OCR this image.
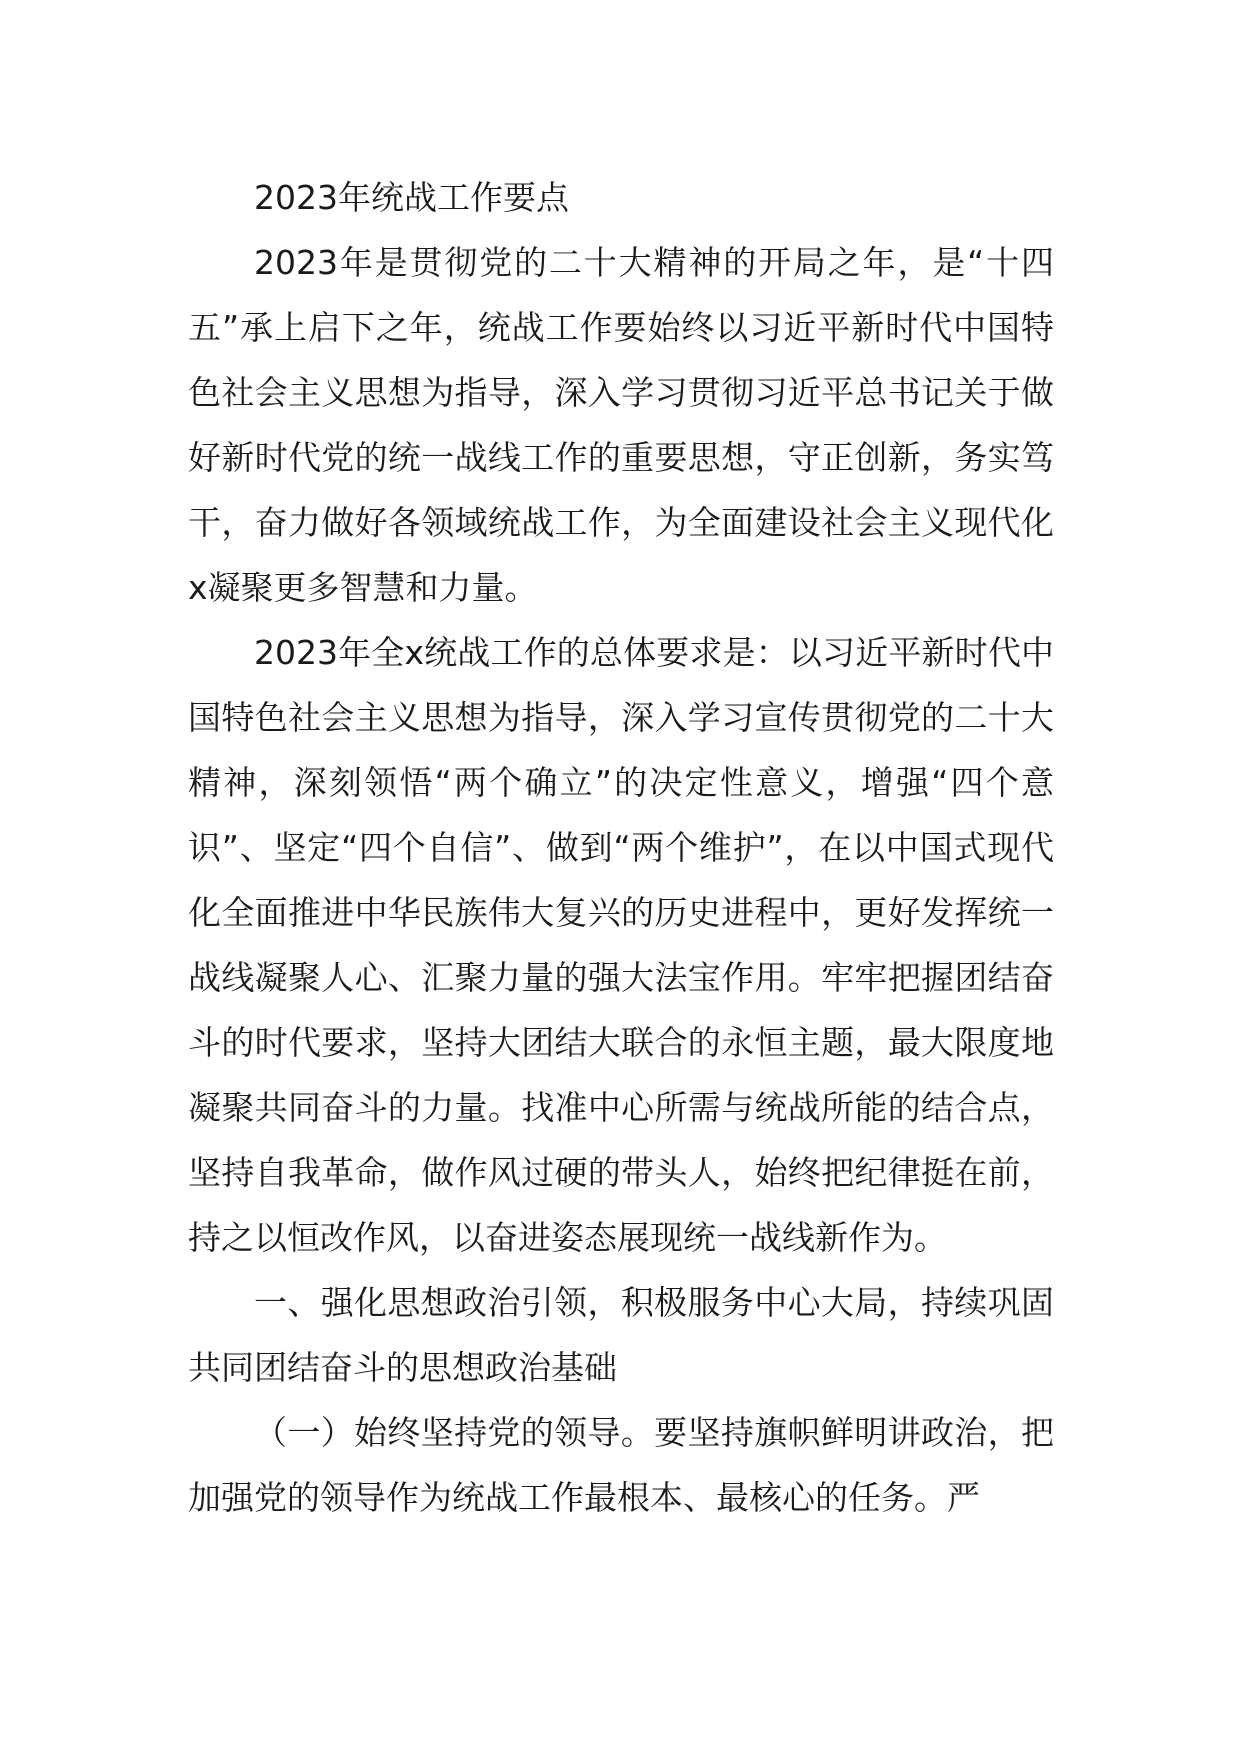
2023年统战工作要点

2023年是贯彻党的二十大精神的开局之年，是“十四五”承上启下之年，统战工作要始终以习近平新时代中国特色社会主义思想为指导，深入学习贯彻习近平总书记关于做好新时代党的统一战线工作的重要思想，守正创新，务实笃干，奋力做好各领域统战工作，为全面建设社会主义现代化x凝聚更多智慧和力量。

2023年全x统战工作的总体要求是：以习近平新时代中国特色社会主义思想为指导，深入学习宣传贯彻党的二十大精神，深刻领悟“两个确立”的决定性意义，增强“四个意识”、坚定“四个自信”、做到“两个维护”，在以中国式现代化全面推进中华民族伟大复兴的历史进程中，更好发挥统一战线凝聚人心、汇聚力量的强大法宝作用。牢牢把握团结奋斗的时代要求，坚持大团结大联合的永恒主题，最大限度地凝聚共同奋斗的力量。找准中心所需与统战所能的结合点，坚持自我革命，做作风过硬的带头人，始终把纪律挺在前，持之以恒改作风，以奋进姿态展现统一战线新作为。

一、强化思想政治引领，积极服务中心大局，持续巩固共同团结奋斗的思想政治基础

（一）始终坚持党的领导。要坚持旗帜鲜明讲政治，把加强党的领导作为统战工作最根本、最核心的任务。严
